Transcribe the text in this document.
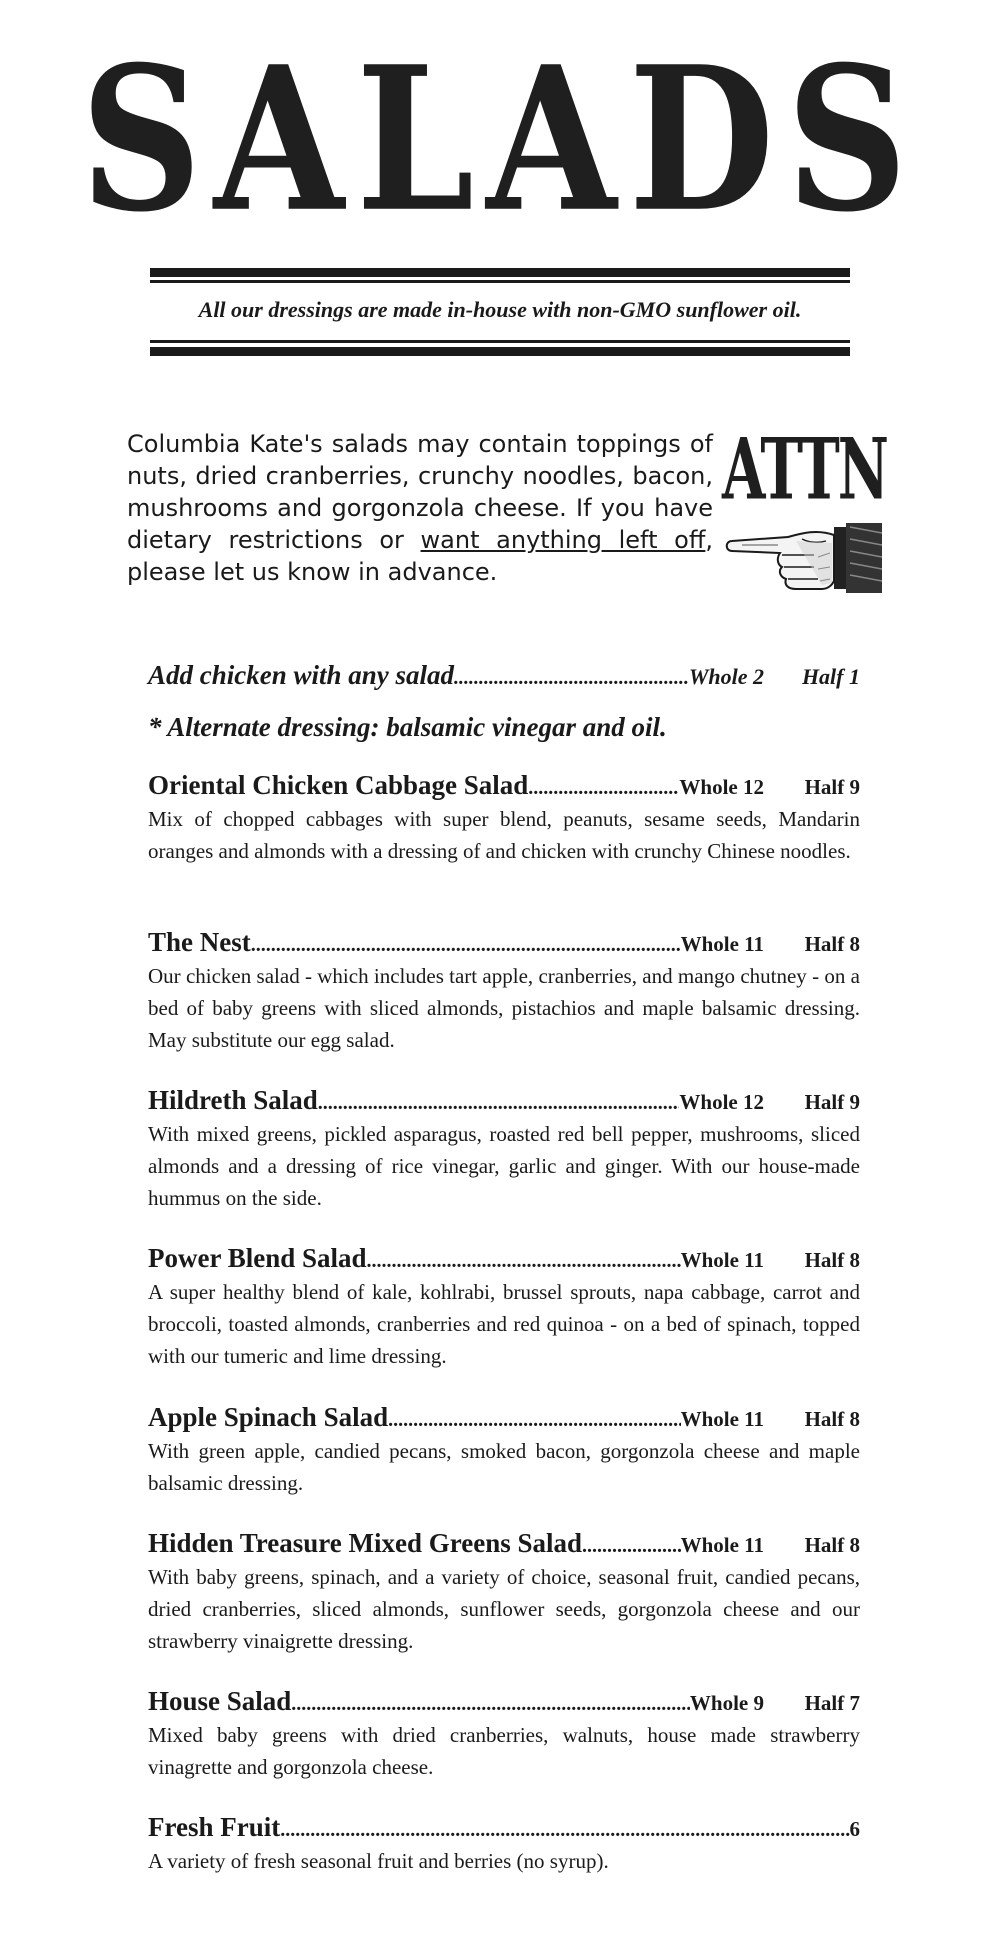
SALADS
All our dressings are made in-house with non-GMO sunflower oil.
Columbia Kate's salads may contain toppings of nuts, dried cranberries, crunchy noodles, bacon, mushrooms and gorgonzola cheese. If you have dietary restrictions or want anything left off, please let us know in advance.
ATTN
Add chicken with any salad .....	Whole 2	Half 1
* Alternate dressing: balsamic vinegar and oil.
Oriental Chicken Cabbage Salad .....	Whole 12	Half 9
Mix of chopped cabbages with super blend, peanuts, sesame seeds, Mandarin oranges and almonds with a dressing of and chicken with crunchy Chinese noodles.
The Nest .....	Whole 11	Half 8
Our chicken salad - which includes tart apple, cranberries, and mango chutney - on a bed of baby greens with sliced almonds, pistachios and maple balsamic dressing. May substitute our egg salad.
Hildreth Salad .....	Whole 12	Half 9
With mixed greens, pickled asparagus, roasted red bell pepper, mushrooms, sliced almonds and a dressing of rice vinegar, garlic and ginger. With our house-made hummus on the side.
Power Blend Salad .....	Whole 11	Half 8
A super healthy blend of kale, kohlrabi, brussel sprouts, napa cabbage, carrot and broccoli, toasted almonds, cranberries and red quinoa - on a bed of spinach, topped with our tumeric and lime dressing.
Apple Spinach Salad .....	Whole 11	Half 8
With green apple, candied pecans, smoked bacon, gorgonzola cheese and maple balsamic dressing.
Hidden Treasure Mixed Greens Salad .....	Whole 11	Half 8
With baby greens, spinach, and a variety of choice, seasonal fruit, candied pecans, dried cranberries, sliced almonds, sunflower seeds, gorgonzola cheese and our strawberry vinaigrette dressing.
House Salad .....	Whole 9	Half 7
Mixed baby greens with dried cranberries, walnuts, house made strawberry vinagrette and gorgonzola cheese.
Fresh Fruit .....	6
A variety of fresh seasonal fruit and berries (no syrup).
